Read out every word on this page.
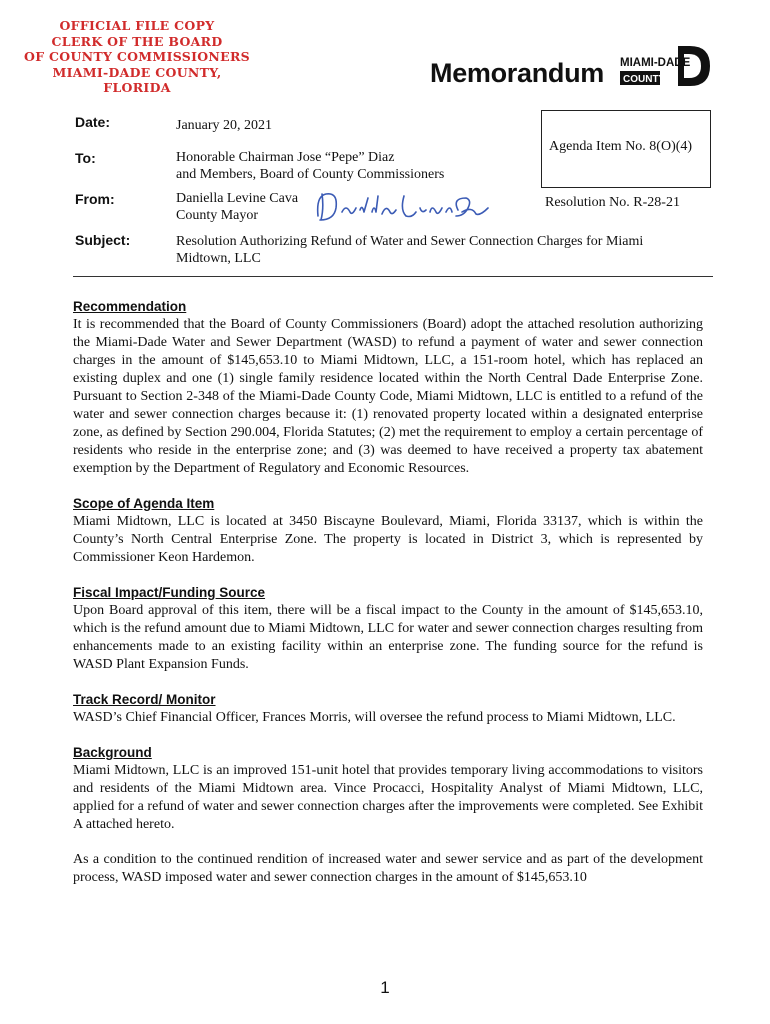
OFFICIAL FILE COPY
CLERK OF THE BOARD
OF COUNTY COMMISSIONERS
MIAMI-DADE COUNTY, FLORIDA	Memorandum MIAMI-DADE
COUNTY
Date:	January 20, 2021
To:	Honorable Chairman Jose “Pepe” Diaz
and Members, Board of County Commissioners
From:	Daniella Levine Cava
County Mayor
Agenda Item No. 8(O)(4)
Resolution No. R-28-21
Subject:	Resolution Authorizing Refund of Water and Sewer Connection Charges for Miami
Midtown, LLC
Recommendation
It is recommended that the Board of County Commissioners (Board) adopt the attached resolution authorizing the Miami-Dade Water and Sewer Department (WASD) to refund a payment of water and sewer connection charges in the amount of $145,653.10 to Miami Midtown, LLC, a 151-room hotel, which has replaced an existing duplex and one (1) single family residence located within the North Central Dade Enterprise Zone. Pursuant to Section 2-348 of the Miami-Dade County Code, Miami Midtown, LLC is entitled to a refund of the water and sewer connection charges because it: (1) renovated property located within a designated enterprise zone, as defined by Section 290.004, Florida Statutes; (2) met the requirement to employ a certain percentage of residents who reside in the enterprise zone; and (3) was deemed to have received a property tax abatement exemption by the Department of Regulatory and Economic Resources.
Scope of Agenda Item
Miami Midtown, LLC is located at 3450 Biscayne Boulevard, Miami, Florida 33137, which is within the County’s North Central Enterprise Zone. The property is located in District 3, which is represented by Commissioner Keon Hardemon.
Fiscal Impact/Funding Source
Upon Board approval of this item, there will be a fiscal impact to the County in the amount of $145,653.10, which is the refund amount due to Miami Midtown, LLC for water and sewer connection charges resulting from enhancements made to an existing facility within an enterprise zone. The funding source for the refund is WASD Plant Expansion Funds.
Track Record/ Monitor
WASD’s Chief Financial Officer, Frances Morris, will oversee the refund process to Miami Midtown, LLC.
Background
Miami Midtown, LLC is an improved 151-unit hotel that provides temporary living accommodations to visitors and residents of the Miami Midtown area. Vince Procacci, Hospitality Analyst of Miami Midtown, LLC, applied for a refund of water and sewer connection charges after the improvements were completed. See Exhibit A attached hereto.
As a condition to the continued rendition of increased water and sewer service and as part of the development process, WASD imposed water and sewer connection charges in the amount of $145,653.10
1
